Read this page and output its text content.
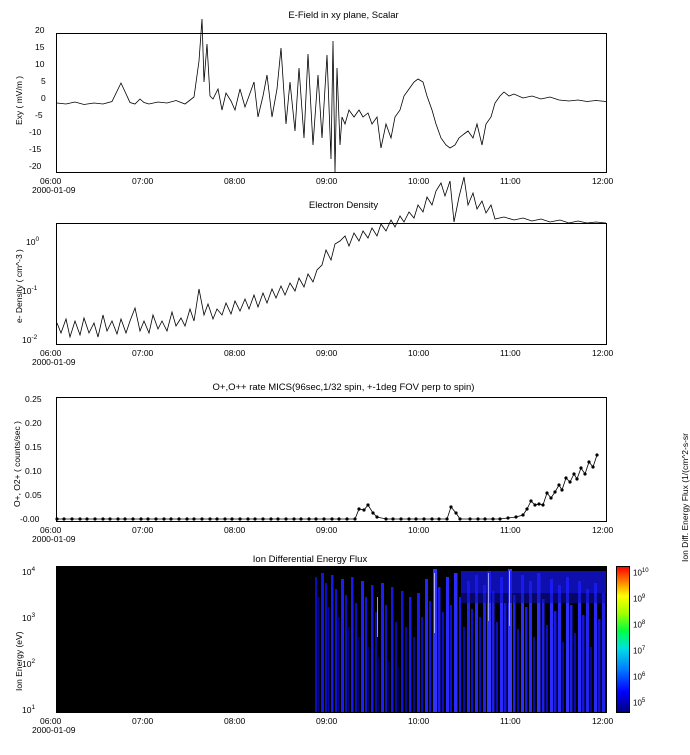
E-Field in xy plane, Scalar
Exy ( mV/m )
20
15
10
5
0
-5
-10
-15
-20
06:00	07:00	08:00	09:00	10:00	11:00	12:00
2000-01-09
Electron Density
e- Density ( cm^-3 )
$10^0$
$10^{-1}$
$10^{-2}$
06:00	07:00	08:00	09:00	10:00	11:00	12:00
2000-01-09
O+,O++ rate MICS(96sec,1/32 spin, +-1deg FOV perp to spin)
O+, O2+ ( counts/sec )
0.25
0.20
0.15
0.10
0.05
-0.00
06:00	07:00	08:00	09:00	10:00	11:00	12:00
2000-01-09
Ion Differential Energy Flux
Ion Energy (eV)
$10^4$
$10^3$
$10^2$
$10^1$
$10^{10}$
$10^9$
$10^8$
$10^7$
$10^6$
$10^5$
Ion Diff. Energy Flux (1/(cm^2-s-sr
06:00	07:00	08:00	09:00	10:00	11:00	12:00
2000-01-09
